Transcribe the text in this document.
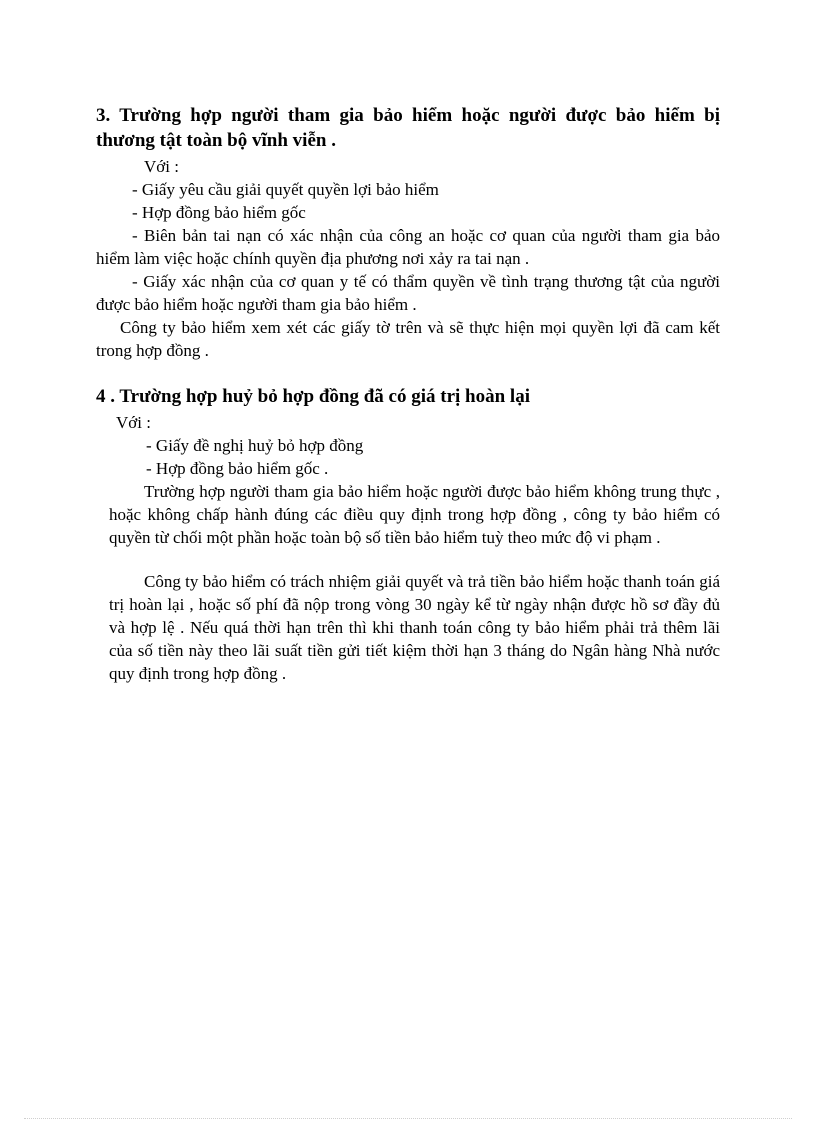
3. Trường hợp người tham gia bảo hiểm hoặc người được bảo hiểm bị thương tật toàn bộ vĩnh viễn .

Với :

- Giấy yêu cầu giải quyết quyền lợi bảo hiểm

- Hợp đồng bảo hiểm gốc

- Biên bản tai nạn có xác nhận của công an hoặc cơ quan của người tham gia bảo hiểm làm việc hoặc chính quyền địa phương nơi xảy ra tai nạn .

- Giấy xác nhận của cơ quan y tế có thẩm quyền về tình trạng thương tật của người được bảo hiểm hoặc người tham gia bảo hiểm .

Công ty bảo hiểm xem xét các giấy tờ trên và sẽ thực hiện mọi quyền lợi đã cam kết trong hợp đồng .

4 . Trường hợp huỷ bỏ hợp đồng đã có giá trị hoàn lại

Với :

- Giấy đề nghị huỷ bỏ hợp đồng

- Hợp đồng bảo hiểm gốc .

Trường hợp người tham gia bảo hiểm hoặc người được bảo hiểm không trung thực , hoặc không chấp hành đúng các điều quy định trong hợp đồng , công ty bảo hiểm có quyền từ chối một phần hoặc toàn bộ số tiền bảo hiểm tuỳ theo mức độ vi phạm .

Công ty bảo hiểm có trách nhiệm giải quyết và trả tiền bảo hiểm hoặc thanh toán giá trị hoàn lại , hoặc số phí đã nộp trong vòng 30 ngày kể từ ngày nhận được hồ sơ đầy đủ và hợp lệ . Nếu quá thời hạn trên thì khi thanh toán công ty bảo hiểm phải trả thêm lãi của số tiền này theo lãi suất tiền gửi tiết kiệm thời hạn 3 tháng do Ngân hàng Nhà nước quy định trong hợp đồng .
